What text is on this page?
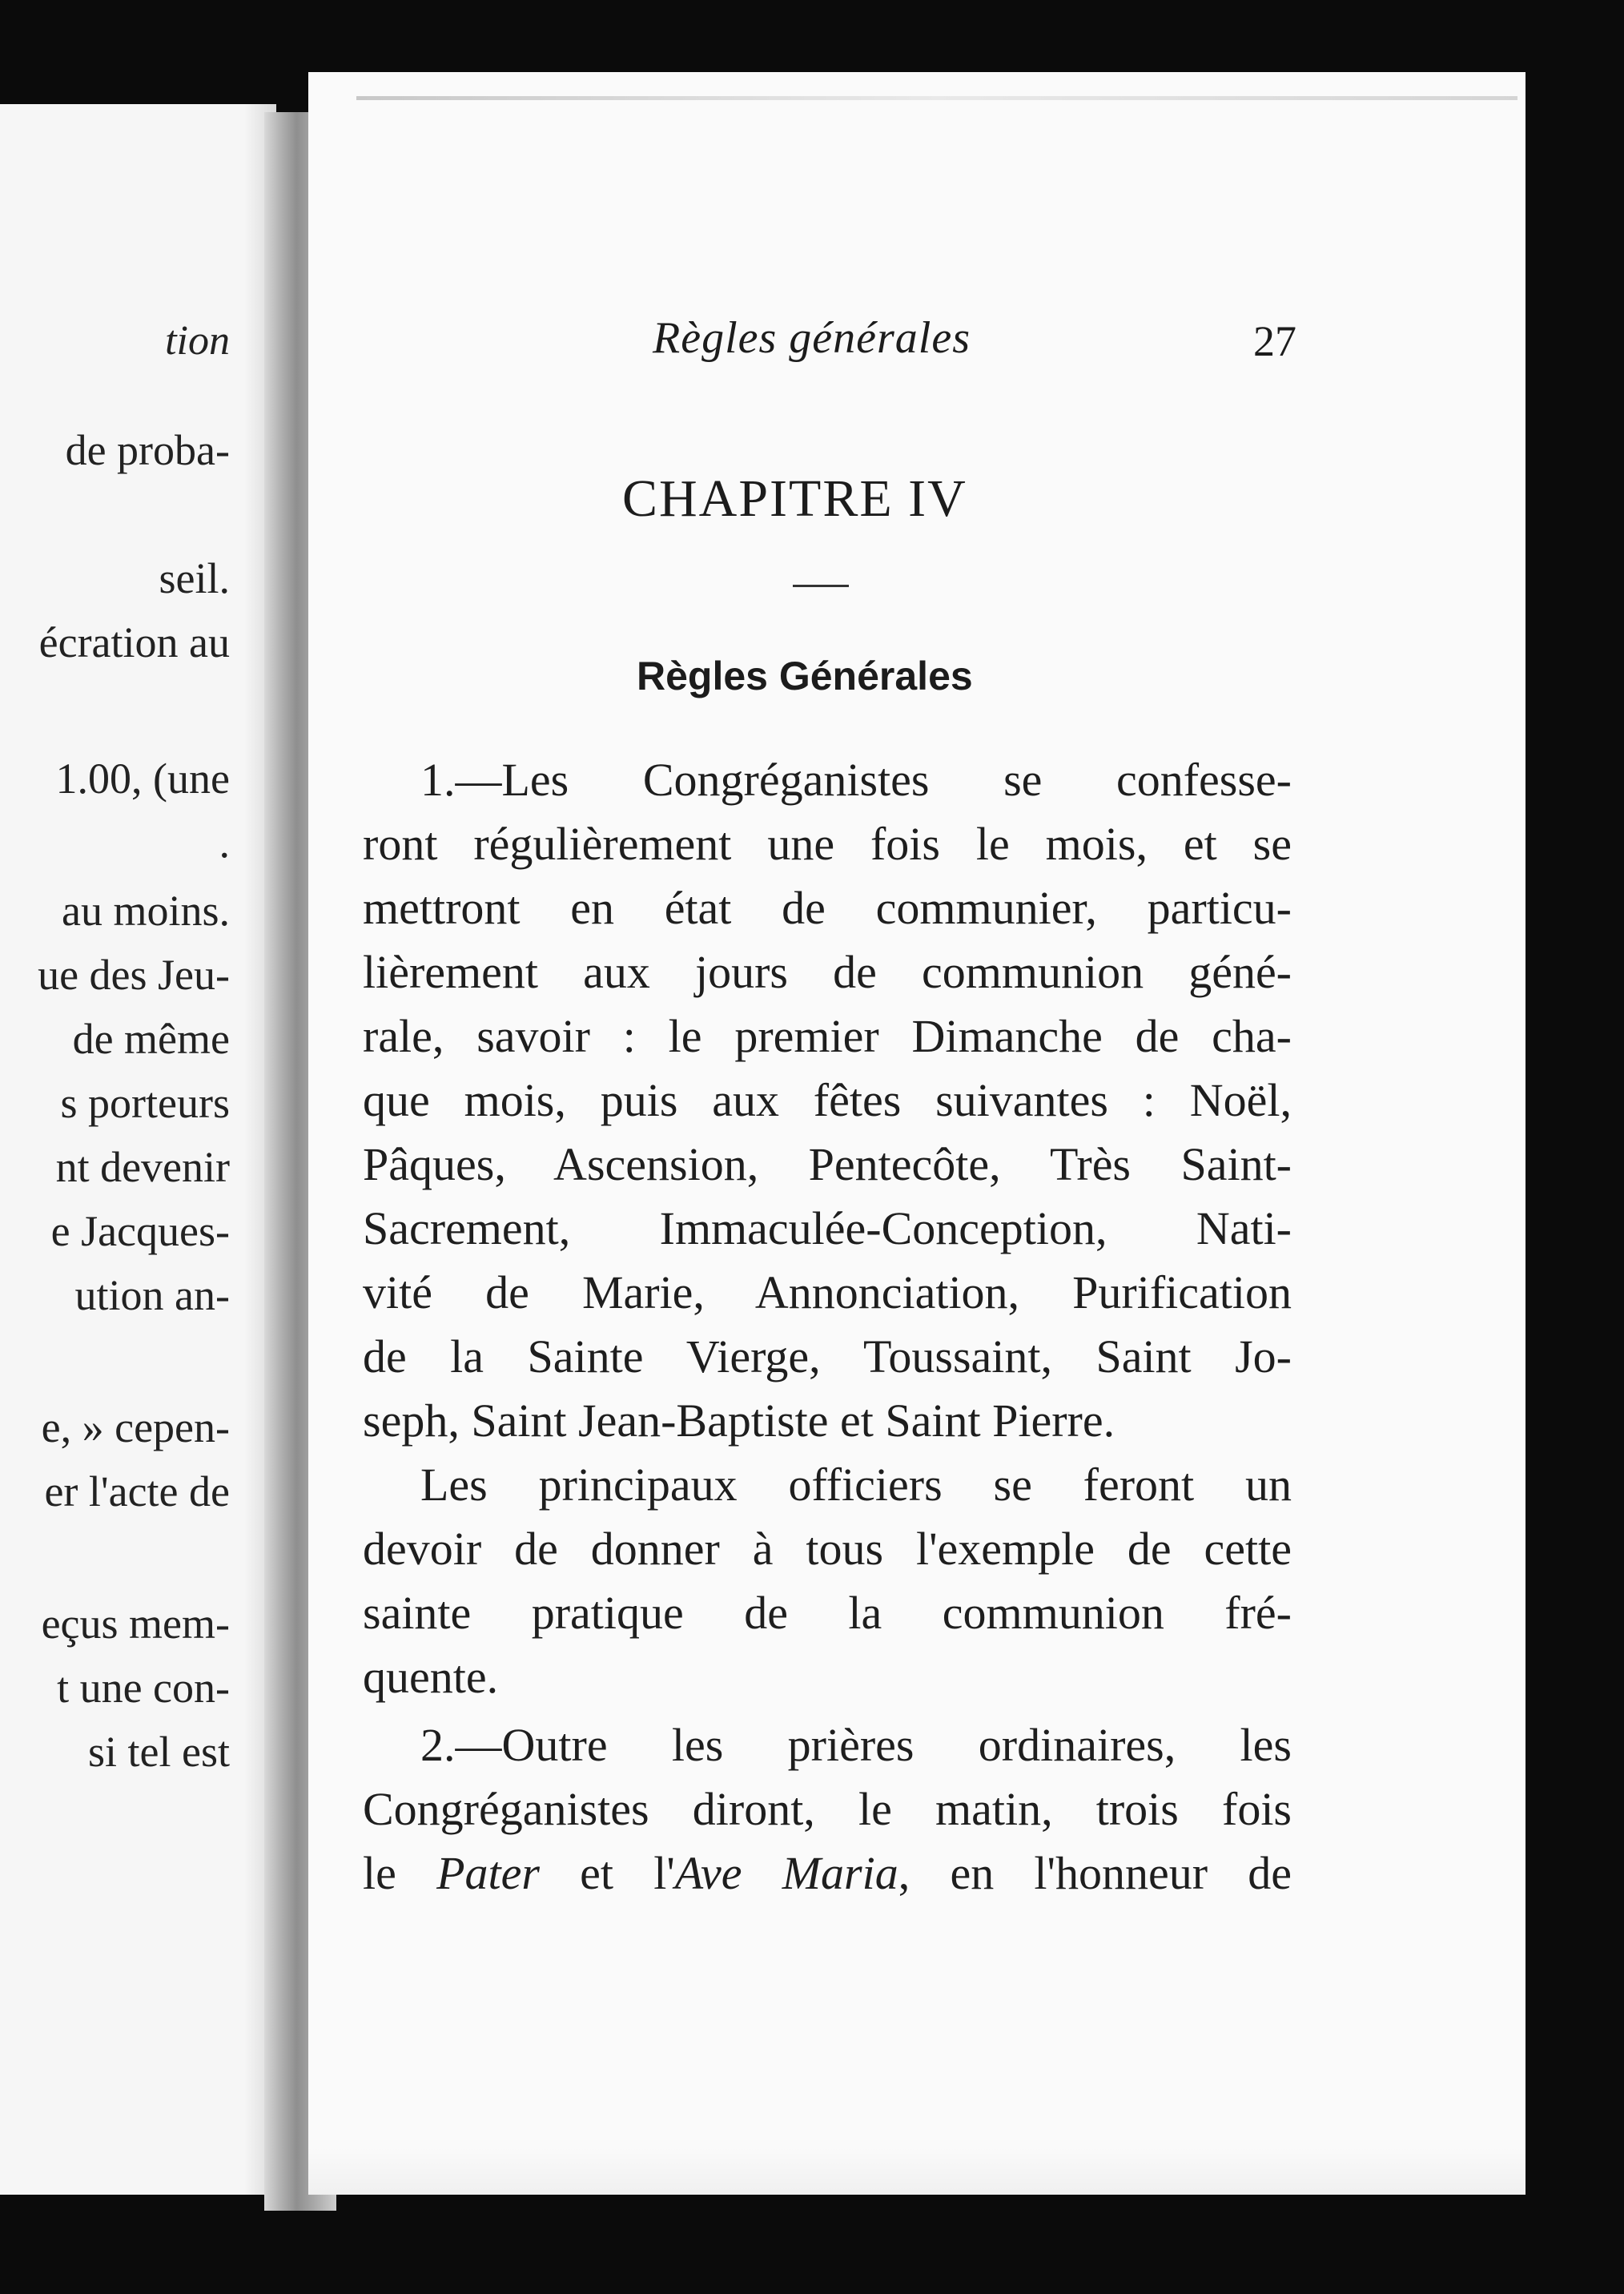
tion
de proba-
seil.
écration au
1.00, (une
.
au moins.
ue des Jeu-
de même
s porteurs
nt devenir
e Jacques-
ution an-
e, » cepen-
er l'acte de
eçus mem-
t une con-
si tel est
Règles générales	27
CHAPITRE IV
Règles Générales
1.—Les Congréganistes se confesse-
ront régulièrement une fois le mois, et se
mettront en état de communier, particu-
lièrement aux jours de communion géné-
rale, savoir : le premier Dimanche de cha-
que mois, puis aux fêtes suivantes : Noël,
Pâques, Ascension, Pentecôte, Très Saint-
Sacrement, Immaculée-Conception, Nati-
vité de Marie, Annonciation, Purification
de la Sainte Vierge, Toussaint, Saint Jo-
seph, Saint Jean-Baptiste et Saint Pierre.
Les principaux officiers se feront un
devoir de donner à tous l'exemple de cette
sainte pratique de la communion fré-
quente.
2.—Outre les prières ordinaires, les
Congréganistes diront, le matin, trois fois
le Pater et l'Ave Maria, en l'honneur de
